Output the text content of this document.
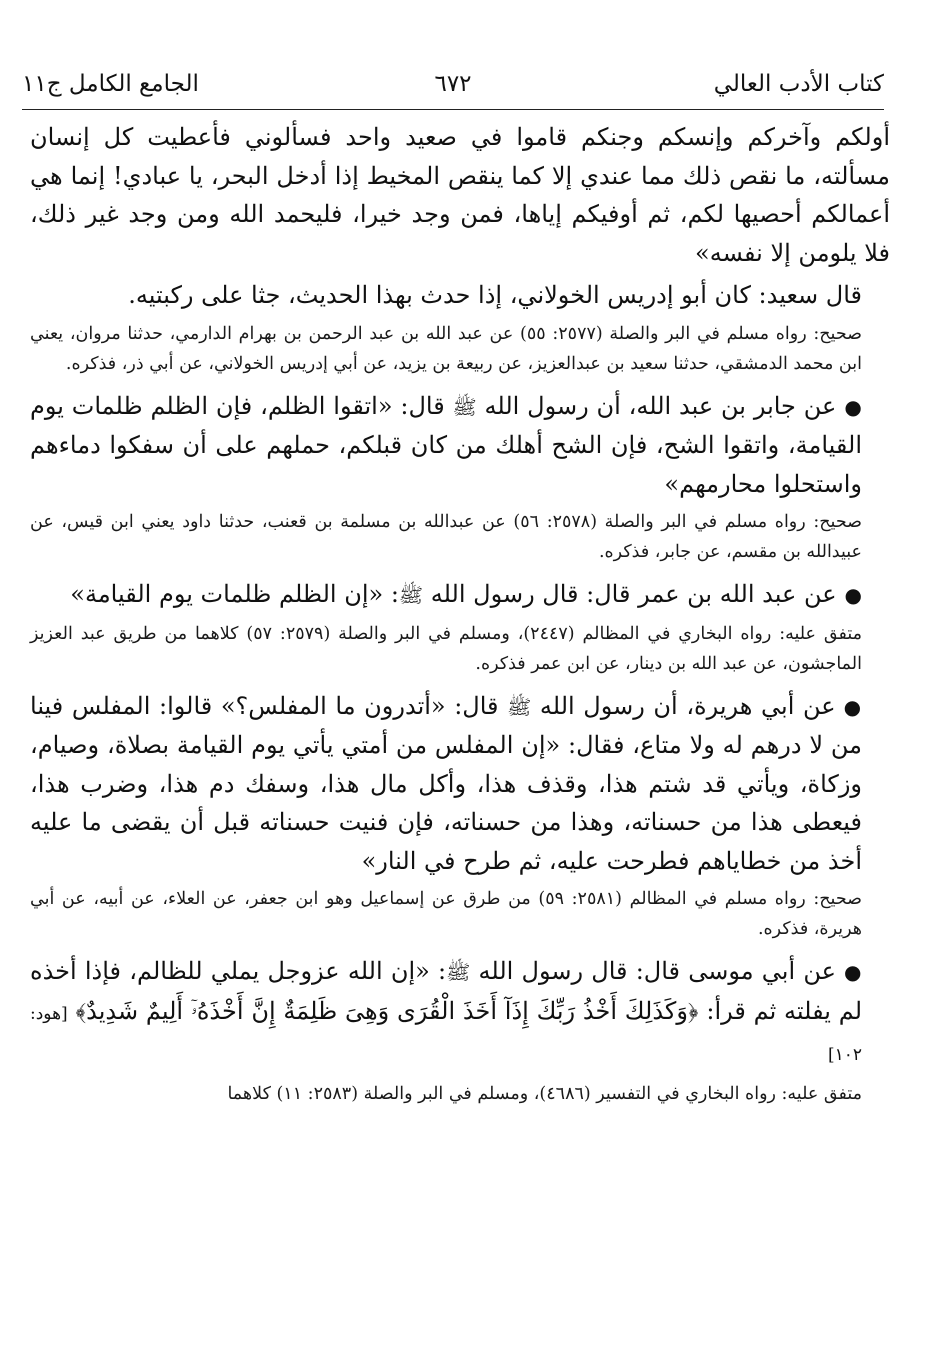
كتاب الأدب العالي
٦٧٢
الجامع الكامل ج١١

أولكم وآخركم وإنسكم وجنكم قاموا في صعيد واحد فسألوني فأعطيت كل إنسان مسألته، ما نقص ذلك مما عندي إلا كما ينقص المخيط إذا أدخل البحر، يا عبادي! إنما هي أعمالكم أحصيها لكم، ثم أوفيكم إياها، فمن وجد خيرا، فليحمد الله ومن وجد غير ذلك، فلا يلومن إلا نفسه»

قال سعيد: كان أبو إدريس الخولاني، إذا حدث بهذا الحديث، جثا على ركبتيه.

صحيح: رواه مسلم في البر والصلة (٢٥٧٧: ٥٥) عن عبد الله بن عبد الرحمن بن بهرام الدارمي، حدثنا مروان، يعني ابن محمد الدمشقي، حدثنا سعيد بن عبدالعزيز، عن ربيعة بن يزيد، عن أبي إدريس الخولاني، عن أبي ذر، فذكره.

●عن جابر بن عبد الله، أن رسول الله ﷺ قال: «اتقوا الظلم، فإن الظلم ظلمات يوم القيامة، واتقوا الشح، فإن الشح أهلك من كان قبلكم، حملهم على أن سفكوا دماءهم واستحلوا محارمهم»

صحيح: رواه مسلم في البر والصلة (٢٥٧٨: ٥٦) عن عبدالله بن مسلمة بن قعنب، حدثنا داود يعني ابن قيس، عن عبيدالله بن مقسم، عن جابر، فذكره.

●عن عبد الله بن عمر قال: قال رسول الله ﷺ: «إن الظلم ظلمات يوم القيامة»

متفق عليه: رواه البخاري في المظالم (٢٤٤٧)، ومسلم في البر والصلة (٢٥٧٩: ٥٧) كلاهما من طريق عبد العزيز الماجشون، عن عبد الله بن دينار، عن ابن عمر فذكره.

●عن أبي هريرة، أن رسول الله ﷺ قال: «أتدرون ما المفلس؟» قالوا: المفلس فينا من لا درهم له ولا متاع، فقال: «إن المفلس من أمتي يأتي يوم القيامة بصلاة، وصيام، وزكاة، ويأتي قد شتم هذا، وقذف هذا، وأكل مال هذا، وسفك دم هذا، وضرب هذا، فيعطى هذا من حسناته، وهذا من حسناته، فإن فنيت حسناته قبل أن يقضى ما عليه أخذ من خطاياهم فطرحت عليه، ثم طرح في النار»

صحيح: رواه مسلم في المظالم (٢٥٨١: ٥٩) من طرق عن إسماعيل وهو ابن جعفر، عن العلاء، عن أبيه، عن أبي هريرة، فذكره.

●عن أبي موسى قال: قال رسول الله ﷺ: «إن الله عزوجل يملي للظالم، فإذا أخذه لم يفلته ثم قرأ: ﴿وَكَذَلِكَ أَخْذُ رَبِّكَ إِذَآ أَخَذَ الْقُرَى وَهِىَ ظَلِمَةٌ إِنَّ أَخْذَهُۥٓ أَلِيمٌ شَدِيدٌ﴾ [هود: ١٠٢]

متفق عليه: رواه البخاري في التفسير (٤٦٨٦)، ومسلم في البر والصلة (٢٥٨٣: ١١) كلاهما
